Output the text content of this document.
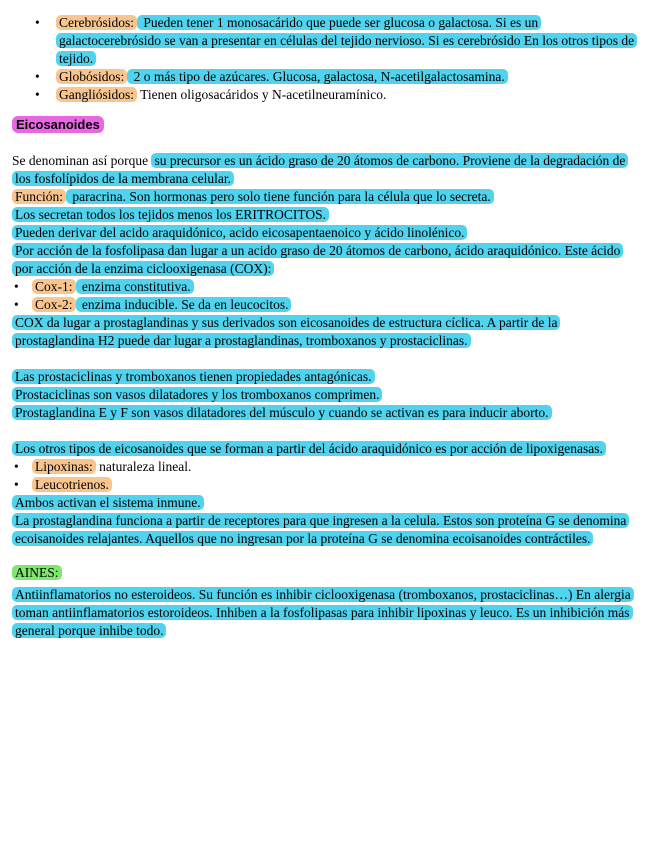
• Cerebrósidos: Pueden tener 1 monosacárido que puede ser glucosa o galactosa. Si es un galactocerebrósido se van a presentar en células del tejido nervioso. Si es cerebrósido En los otros tipos de tejido.
• Globósidos: 2 o más tipo de azúcares. Glucosa, galactosa, N-acetilgalactosamina.
• Gangliósidos: Tienen oligosacáridos y N-acetilneuramínico.
Eicosanoides

Se denominan así porque su precursor es un ácido graso de 20 átomos de carbono. Proviene de la degradación de los fosfolípidos de la membrana celular.

Función: paracrina. Son hormonas pero solo tiene función para la célula que lo secreta.

Los secretan todos los tejidos menos los ERITROCITOS.

Pueden derivar del acido araquidónico, acido eicosapentaenoico y ácido linolénico.

Por acción de la fosfolipasa dan lugar a un acido graso de 20 átomos de carbono, ácido araquidónico. Este ácido por acción de la enzima ciclooxigenasa (COX):

• Cox-1: enzima constitutiva.
• Cox-2: enzima inducible. Se da en leucocitos.

COX da lugar a prostaglandinas y sus derivados son eicosanoides de estructura cíclica. A partir de la prostaglandina H2 puede dar lugar a prostaglandinas, tromboxanos y prostaciclinas.

Las prostaciclinas y tromboxanos tienen propiedades antagónicas.

Prostaciclinas son vasos dilatadores y los tromboxanos comprimen.

Prostaglandina E y F son vasos dilatadores del músculo y cuando se activan es para inducir aborto.

Los otros tipos de eicosanoides que se forman a partir del ácido araquidónico es por acción de lipoxigenasas.

• Lipoxinas: naturaleza lineal.
• Leucotrienos.

Ambos activan el sistema inmune.

La prostaglandina funciona a partir de receptores para que ingresen a la celula. Estos son proteína G se denomina ecoisanoides relajantes. Aquellos que no ingresan por la proteína G se denomina ecoisanoides contráctiles.

AINES:

Antiinflamatorios no esteroideos. Su función es inhibir ciclooxigenasa (tromboxanos, prostaciclinas…) En alergia toman antiinflamatorios estoroideos. Inhiben a la fosfolipasas para inhibir lipoxinas y leuco. Es un inhibición más general porque inhibe todo.
